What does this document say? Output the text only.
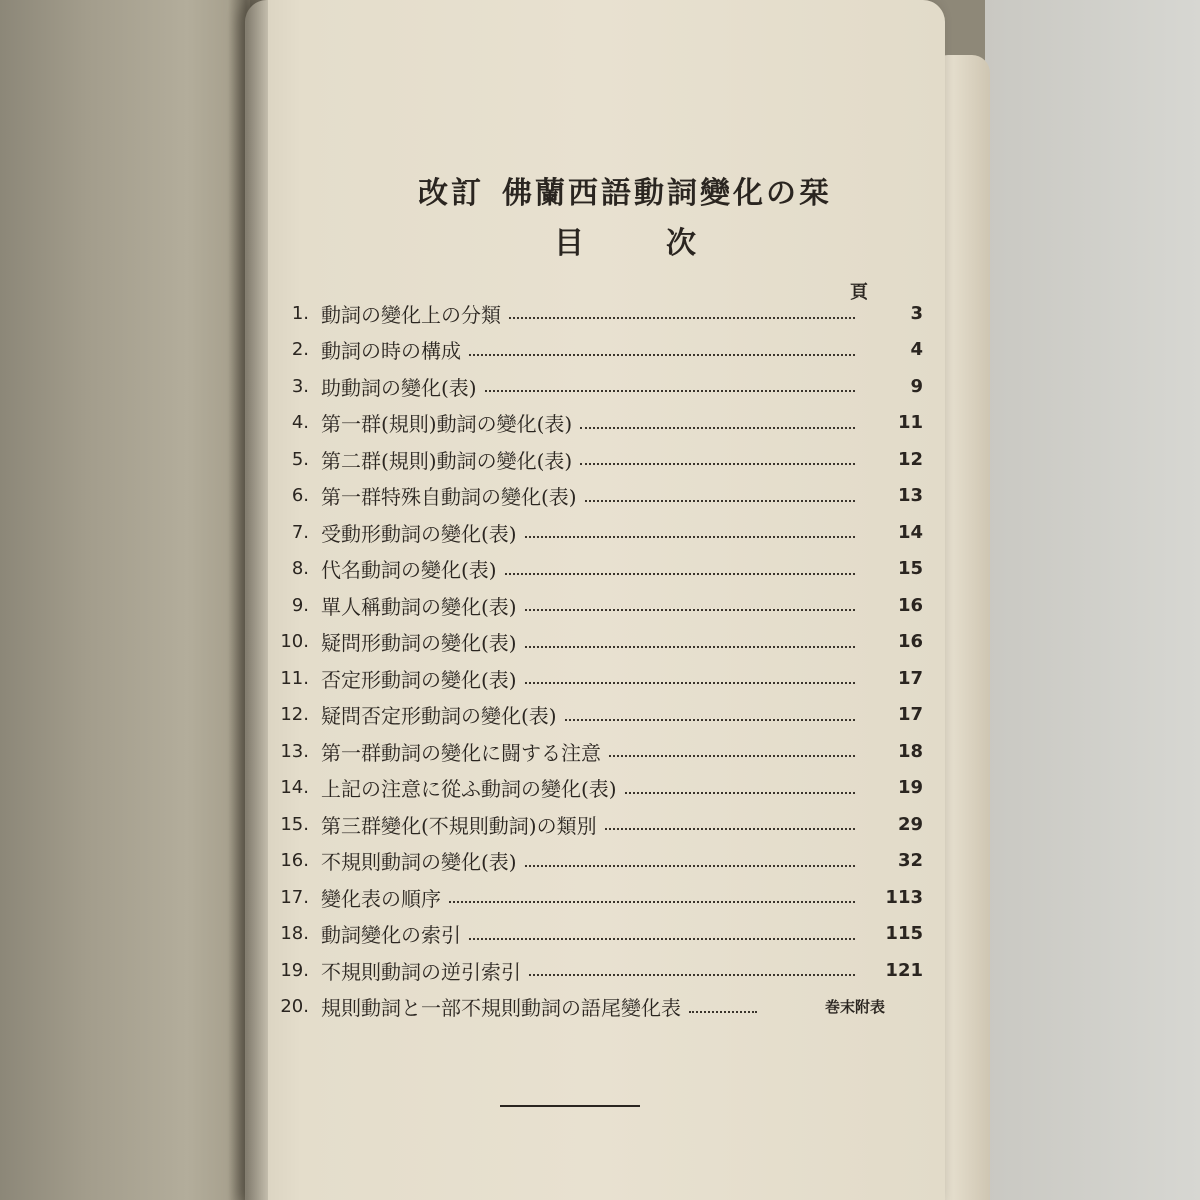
改訂 佛蘭西語動詞變化の栞
目	次
頁
1. 動詞の變化上の分類	3
2. 動詞の時の構成	4
3. 助動詞の變化(表)	9
4. 第一群(規則)動詞の變化(表)	11
5. 第二群(規則)動詞の變化(表)	12
6. 第一群特殊自動詞の變化(表)	13
7. 受動形動詞の變化(表)	14
8. 代名動詞の變化(表)	15
9. 單人稱動詞の變化(表)	16
10. 疑問形動詞の變化(表)	16
11. 否定形動詞の變化(表)	17
12. 疑問否定形動詞の變化(表)	17
13. 第一群動詞の變化に闘する注意	18
14. 上記の注意に從ふ動詞の變化(表)	19
15. 第三群變化(不規則動詞)の類別	29
16. 不規則動詞の變化(表)	32
17. 變化表の順序	113
18. 動詞變化の索引	115
19. 不規則動詞の逆引索引	121
20. 規則動詞と一部不規則動詞の語尾變化表	巻末附表
